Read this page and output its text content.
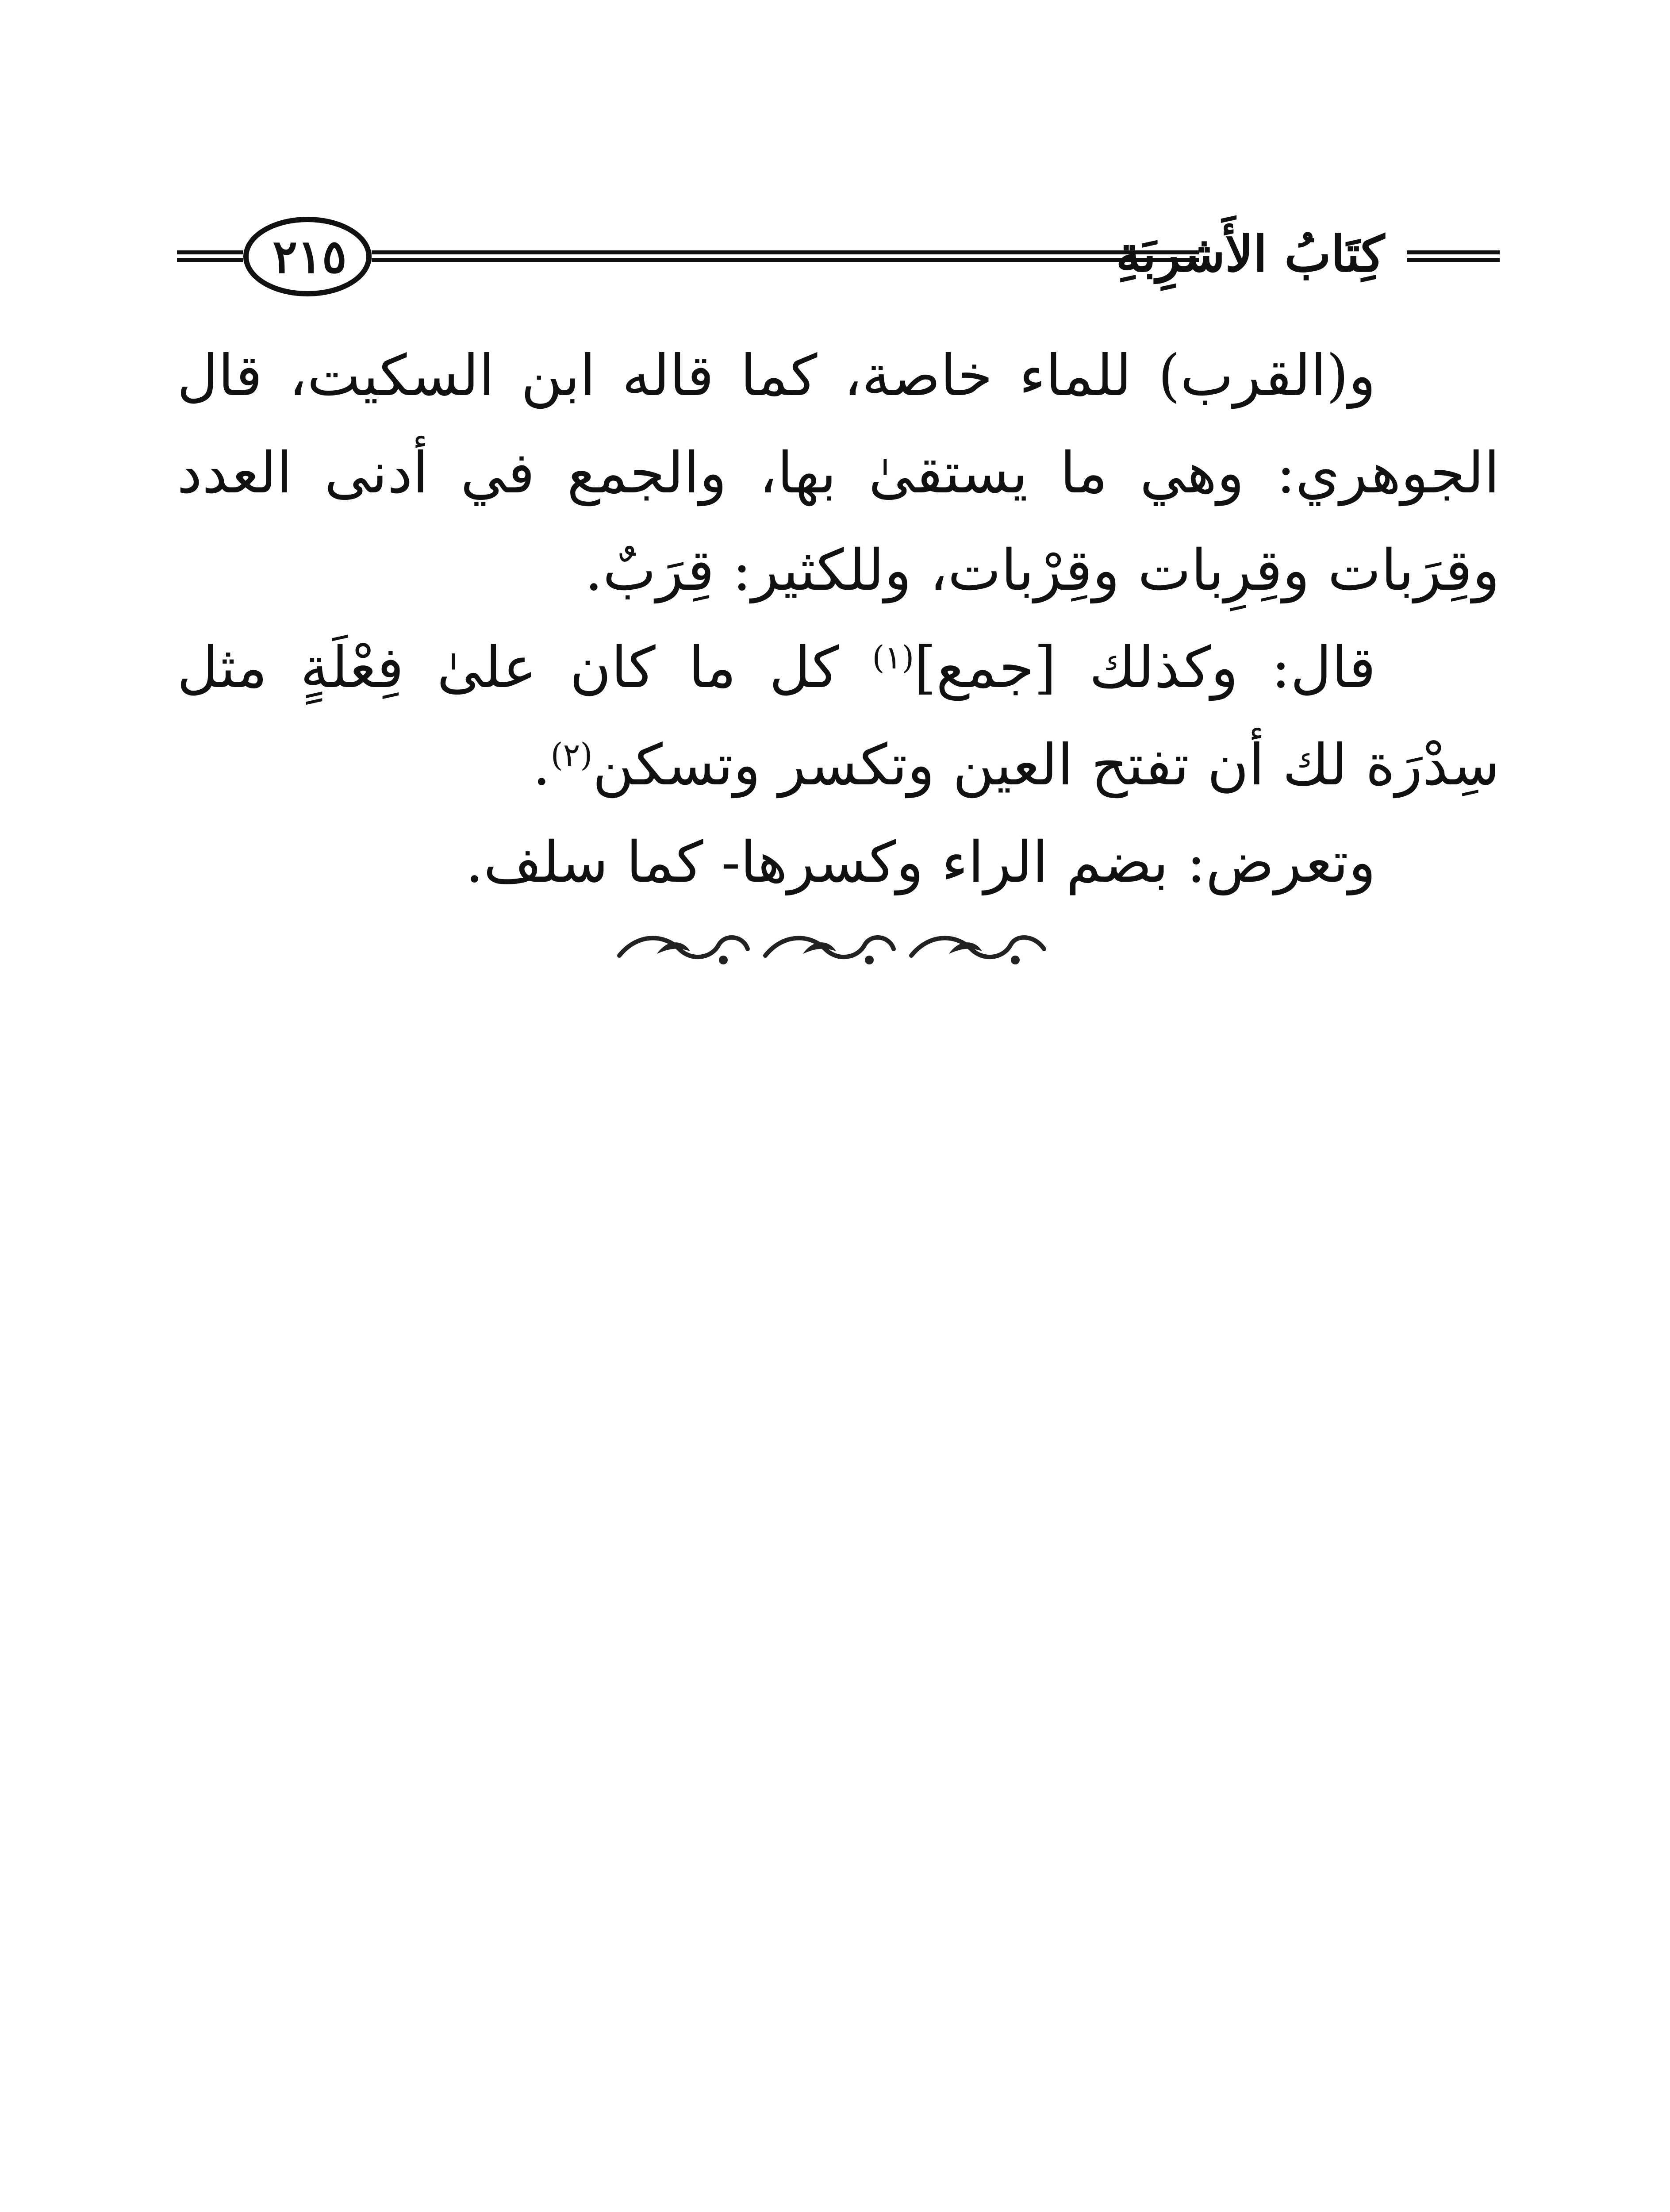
كِتَابُ الأَشرِبَةِ
٢١٥

و(القرب) للماء خاصة، كما قاله ابن السكيت، قال الجوهري: وهي ما يستقىٰ بها، والجمع في أدنى العدد وقِرَبات وقِرِبات وقِرْبات، وللكثير: قِرَبٌ.

قال: وكذلك [جمع]$^{(١)}$ كل ما كان علىٰ فِعْلَةٍ مثل سِدْرَة لك أن تفتح العين وتكسر وتسكن$^{(٢)}$.

وتعرض: بضم الراء وكسرها- كما سلف.
